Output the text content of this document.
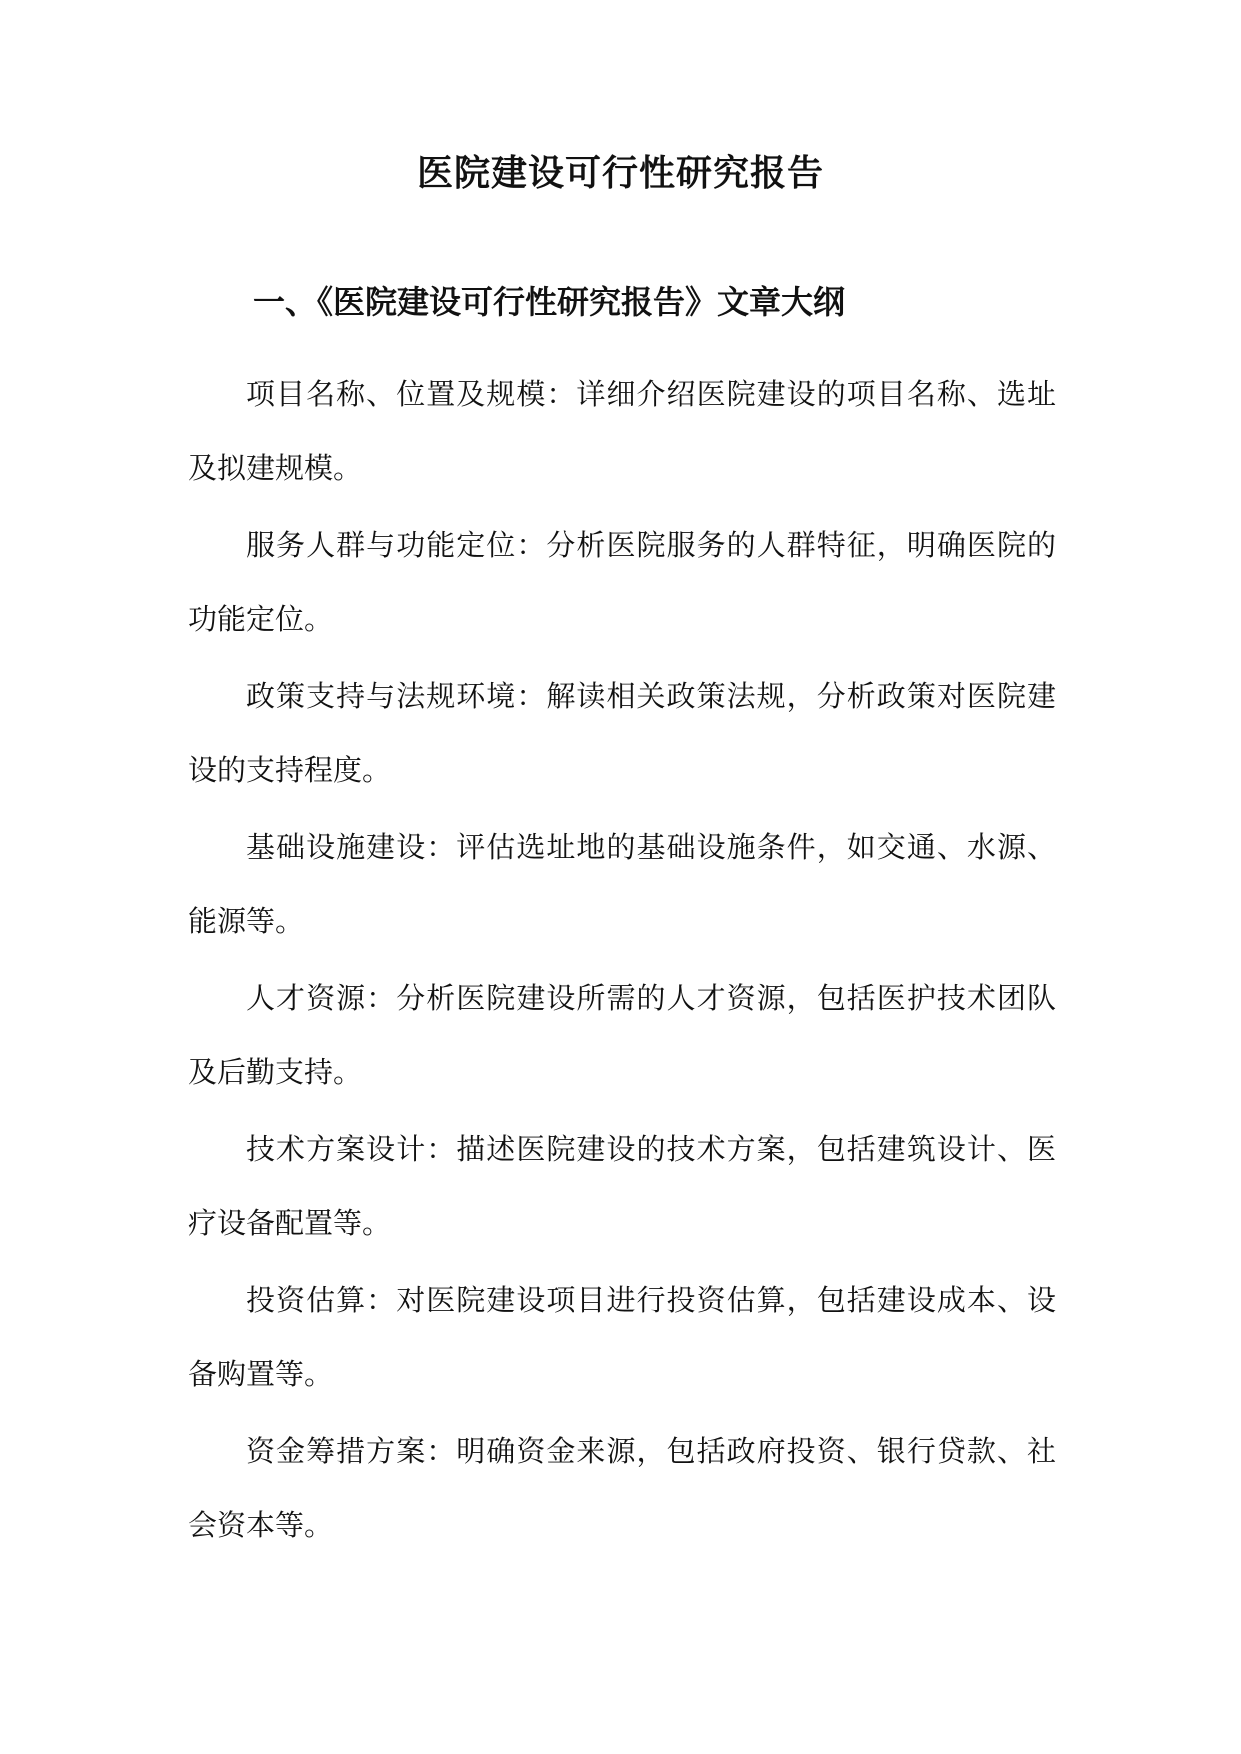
医院建设可行性研究报告
一、《医院建设可行性研究报告》文章大纲

项目名称、位置及规模：详细介绍医院建设的项目名称、选址及拟建规模。

服务人群与功能定位：分析医院服务的人群特征，明确医院的功能定位。

政策支持与法规环境：解读相关政策法规，分析政策对医院建设的支持程度。

基础设施建设：评估选址地的基础设施条件，如交通、水源、能源等。

人才资源：分析医院建设所需的人才资源，包括医护技术团队及后勤支持。

技术方案设计：描述医院建设的技术方案，包括建筑设计、医疗设备配置等。

投资估算：对医院建设项目进行投资估算，包括建设成本、设备购置等。

资金筹措方案：明确资金来源，包括政府投资、银行贷款、社会资本等。
